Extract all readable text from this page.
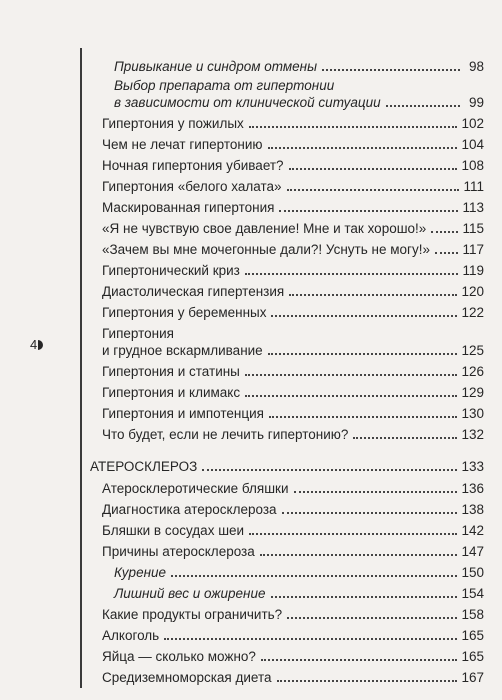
4
Привыкание и синдром отмены	98
Выбор препарата от гипертонии
в зависимости от клинической ситуации	99
Гипертония у пожилых	102
Чем не лечат гипертонию	104
Ночная гипертония убивает?	108
Гипертония «белого халата»	111
Маскированная гипертония	113
«Я не чувствую свое давление! Мне и так хорошо!»	115
«Зачем вы мне мочегонные дали?! Уснуть не могу!» 117
Гипертонический криз	119
Диастолическая гипертензия	120
Гипертония у беременных	122
Гипертония
и грудное вскармливание	125
Гипертония и статины	126
Гипертония и климакс	129
Гипертония и импотенция	130
Что будет, если не лечить гипертонию?	132
АТЕРОСКЛЕРОЗ	133
Атеросклеротические бляшки	136
Диагностика атеросклероза	138
Бляшки в сосудах шеи	142
Причины атеросклероза	147
Курение	150
Лишний вес и ожирение	154
Какие продукты ограничить?	158
Алкоголь	165
Яйца — сколько можно?	165
Средиземноморская диета	167
